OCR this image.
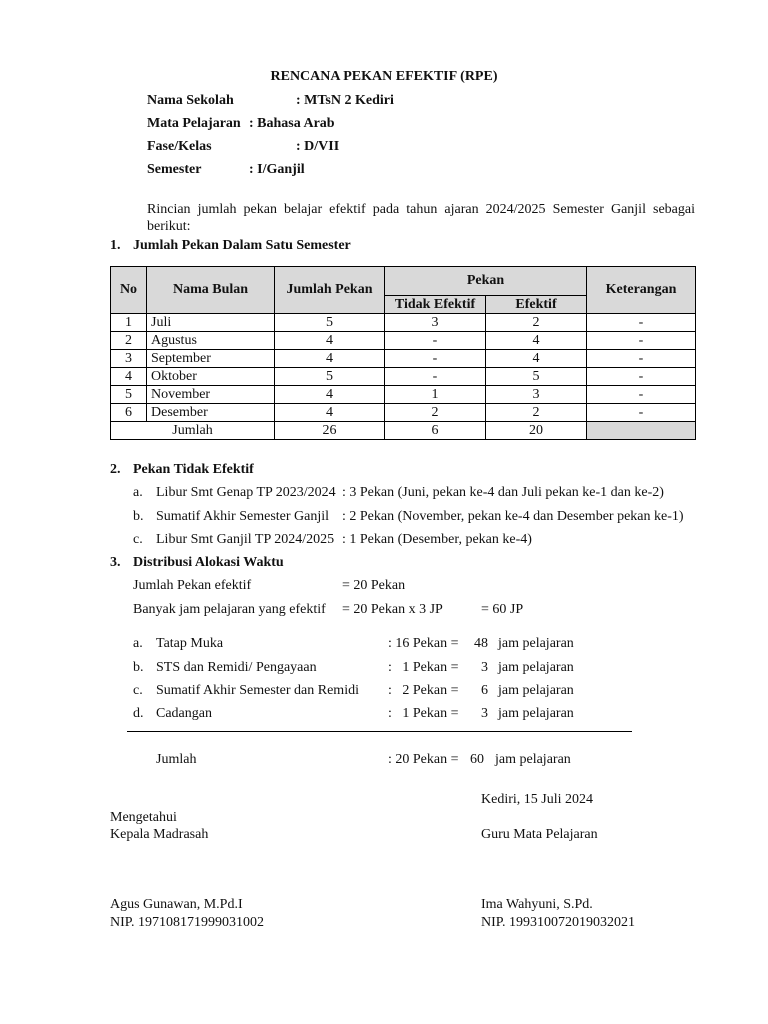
RENCANA PEKAN EFEKTIF (RPE)
Nama Sekolah	: MTsN 2 Kediri
Mata Pelajaran : Bahasa Arab
Fase/Kelas	: D/VII
Semester	: I/Ganjil
Rincian jumlah pekan belajar efektif pada tahun ajaran 2024/2025 Semester Ganjil sebagai berikut:
1. Jumlah Pekan Dalam Satu Semester
No	Nama Bulan	Jumlah Pekan	Pekan		Keterangan
			Tidak Efektif	Efektif	
1	Juli	5	3	2	-
2	Agustus	4	-	4	-
3	September	4	-	4	-
4	Oktober	5	-	5	-
5	November	4	1	3	-
6	Desember	4	2	2	-
Jumlah		26	6	20	
2. Pekan Tidak Efektif
a. Libur Smt Genap TP 2023/2024 : 3 Pekan (Juni, pekan ke-4 dan Juli pekan ke-1 dan ke-2)
b. Sumatif Akhir Semester Ganjil : 2 Pekan (November, pekan ke-4 dan Desember pekan ke-1)
c. Libur Smt Ganjil TP 2024/2025 : 1 Pekan (Desember, pekan ke-4)
3. Distribusi Alokasi Waktu
Jumlah Pekan efektif	= 20 Pekan
Banyak jam pelajaran yang efektif = 20 Pekan x 3 JP	= 60 JP
a. Tatap Muka	: 16 Pekan =	48 jam pelajaran
b. STS dan Remidi/ Pengayaan	:   1 Pekan =	3 jam pelajaran
c. Sumatif Akhir Semester dan Remidi :   2 Pekan =	6 jam pelajaran
d. Cadangan	:   1 Pekan =	3 jam pelajaran
Jumlah	: 20 Pekan = 60 jam pelajaran
Kediri, 15 Juli 2024
Mengetahui
Kepala Madrasah	Guru Mata Pelajaran
Agus Gunawan, M.Pd.I
NIP. 197108171999031002
Ima Wahyuni, S.Pd.
NIP. 199310072019032021
